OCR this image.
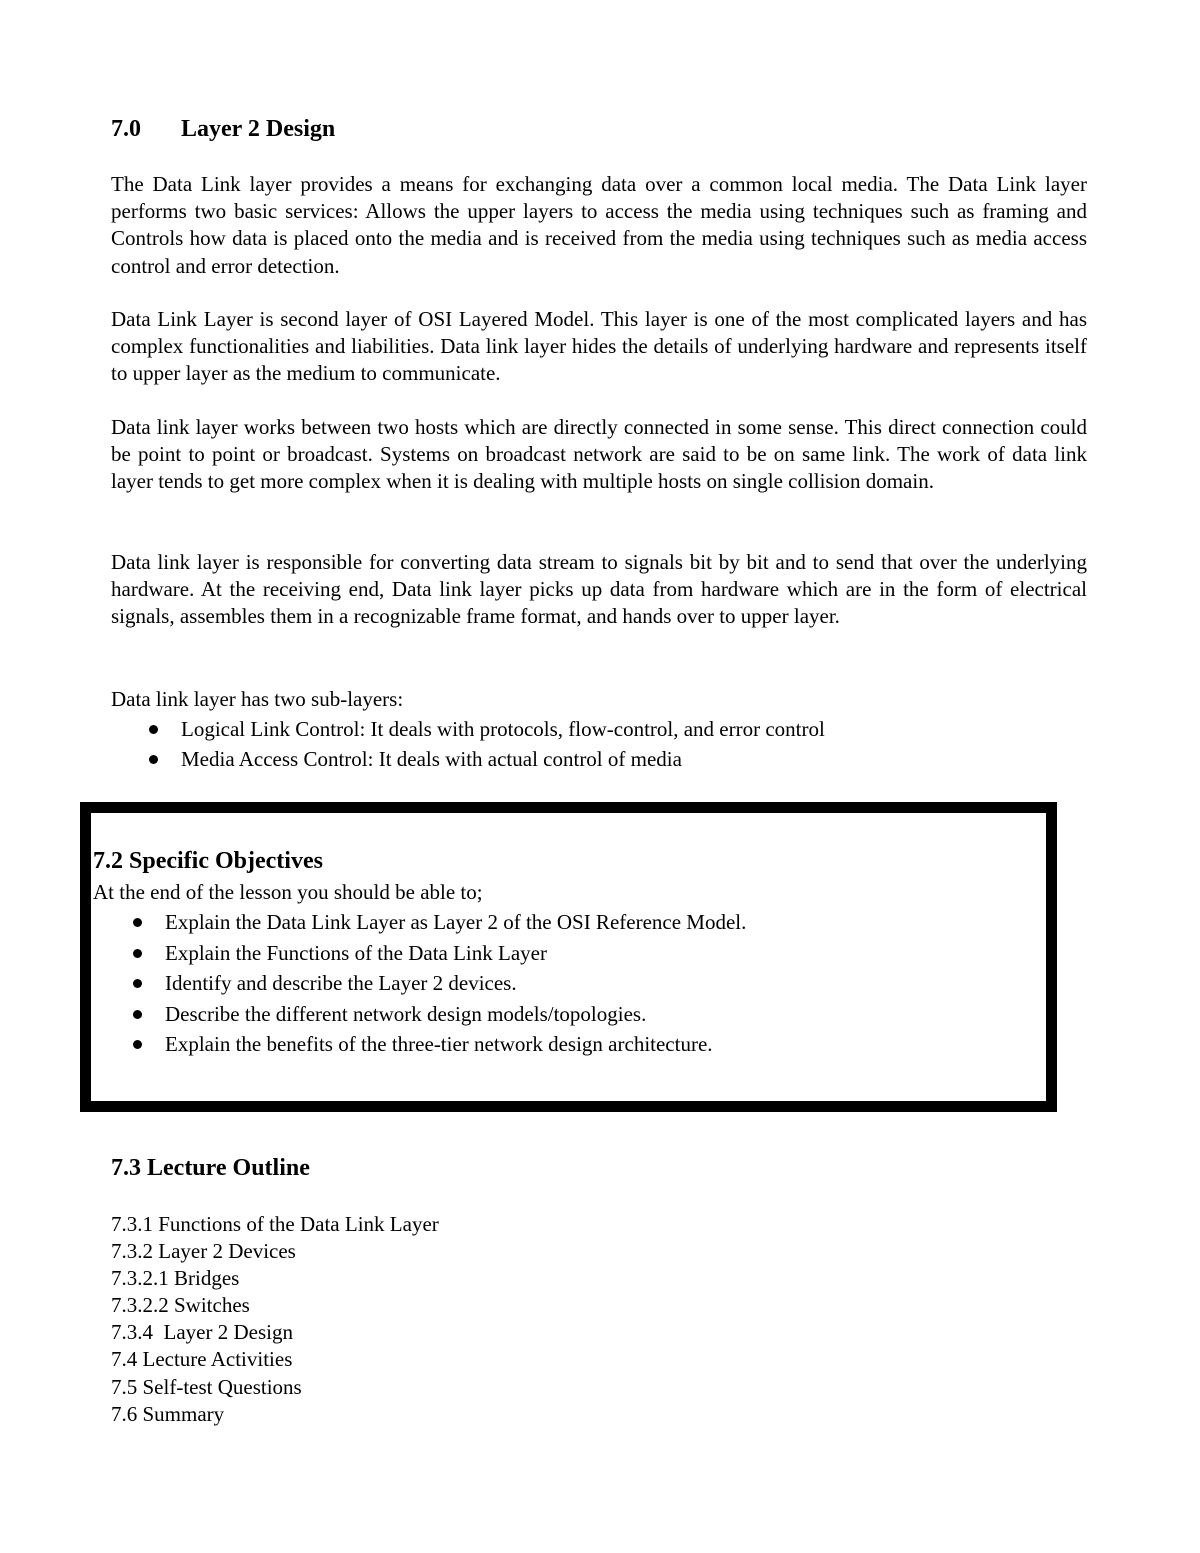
7.0 Layer 2 Design

The Data Link layer provides a means for exchanging data over a common local media. The Data Link layer performs two basic services: Allows the upper layers to access the media using techniques such as framing and Controls how data is placed onto the media and is received from the media using techniques such as media access control and error detection.

Data Link Layer is second layer of OSI Layered Model. This layer is one of the most complicated layers and has complex functionalities and liabilities. Data link layer hides the details of underlying hardware and represents itself to upper layer as the medium to communicate.

Data link layer works between two hosts which are directly connected in some sense. This direct connection could be point to point or broadcast. Systems on broadcast network are said to be on same link. The work of data link layer tends to get more complex when it is dealing with multiple hosts on single collision domain.

Data link layer is responsible for converting data stream to signals bit by bit and to send that over the underlying hardware. At the receiving end, Data link layer picks up data from hardware which are in the form of electrical signals, assembles them in a recognizable frame format, and hands over to upper layer.

Data link layer has two sub-layers:

Logical Link Control: It deals with protocols, flow-control, and error control
Media Access Control: It deals with actual control of media
7.2 Specific Objectives
At the end of the lesson you should be able to;
Explain the Data Link Layer as Layer 2 of the OSI Reference Model.
Explain the Functions of the Data Link Layer
Identify and describe the Layer 2 devices.
Describe the different network design models/topologies.
Explain the benefits of the three-tier network design architecture.
7.3 Lecture Outline
7.3.1 Functions of the Data Link Layer
7.3.2 Layer 2 Devices
7.3.2.1 Bridges
7.3.2.2 Switches
7.3.4  Layer 2 Design
7.4 Lecture Activities
7.5 Self-test Questions
7.6 Summary
